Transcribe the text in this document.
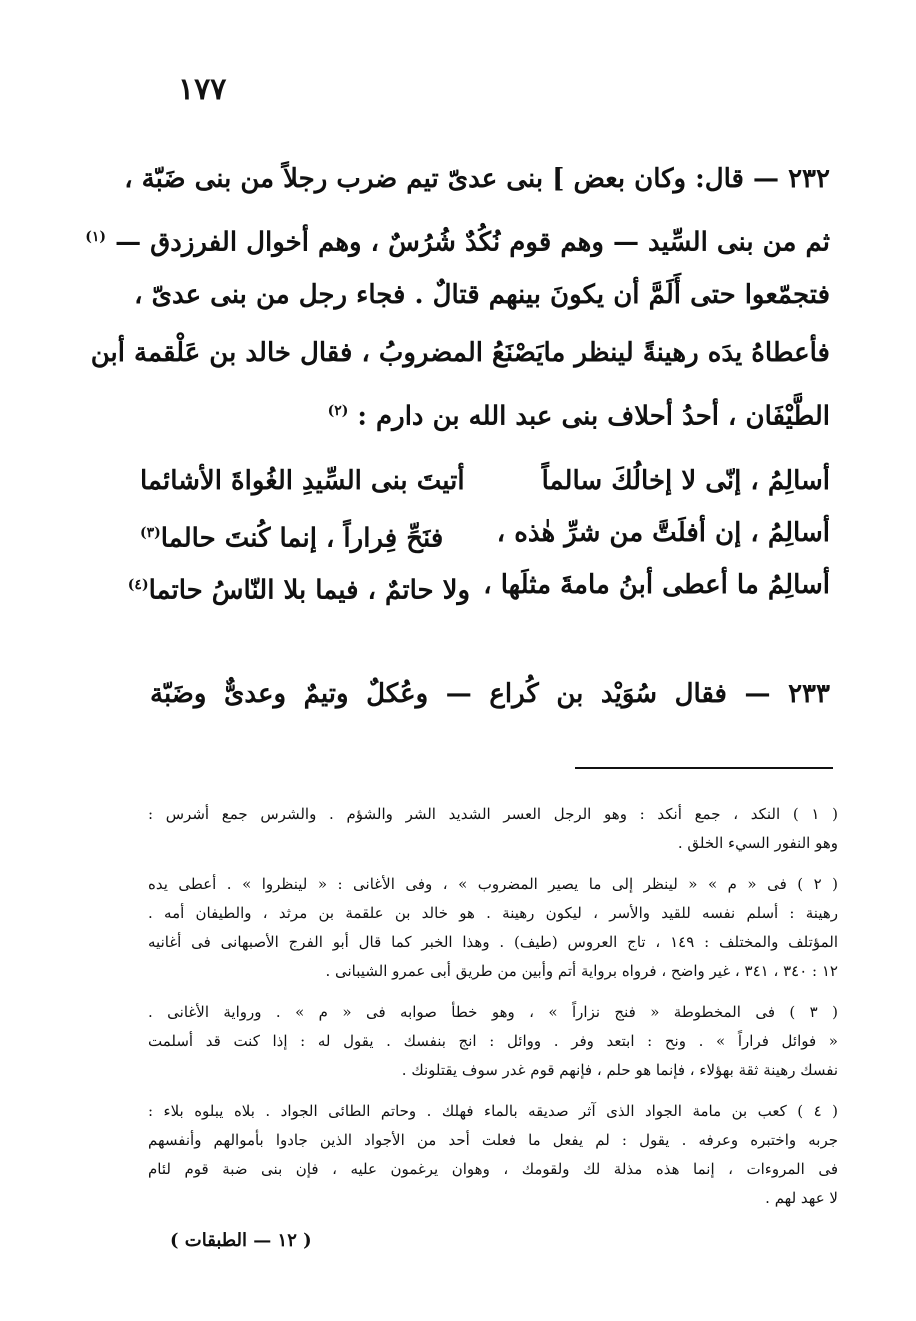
١٧٧
٢٣٢ — قال: وكان بعض ] بنى عدىّ تيم ضرب رجلاً من بنى ضَبّة ،
ثم من بنى السِّيد — وهم قوم نُكُدٌ شُرُسٌ ، وهم أخوال الفرزدق — $^{(١)}$
فتجمّعوا حتى أَلَمَّ أن يكونَ بينهم قتالٌ . فجاء رجل من بنى عدىّ ،
فأعطاهُ يدَه رهينةً لينظر مايَصْنَعُ المضروبُ ، فقال خالد بن عَلْقمة أبن
الطَّيْفَان ، أحدُ أحلاف بنى عبد الله بن دارم : $^{(٢)}$
أسالِمُ ، إنّى لا إخالُكَ سالماً
أتيتَ بنى السِّيدِ الغُواةَ الأشائما
أسالِمُ ، إن أفلَتَّ من شرِّ هٰذه ،
فنَحِّ فِراراً ، إنما كُنتَ حالما$^{(٣)}$
أسالِمُ ما أعطى أبنُ مامةَ مثلَها ،
ولا حاتمٌ ، فيما بلا النّاسُ حاتما$^{(٤)}$
٢٣٣ — فقال سُوَيْد بن كُراع — وعُكلٌ وتيمٌ وعدىٌّ وضَبّة
( ١ ) النكد ، جمع أنكد : وهو الرجل العسر الشديد الشر والشؤم . والشرس جمع أشرس :
وهو النفور السيء الخلق .
( ٢ ) فى « م » « لينظر إلى ما يصير المضروب » ، وفى الأغانى : « لينظروا » . أعطى يده
رهينة : أسلم نفسه للقيد والأسر ، ليكون رهينة . هو خالد بن علقمة بن مرثد ، والطيفان أمه .
المؤتلف والمختلف : ١٤٩ ، تاج العروس (طيف) . وهذا الخبر كما قال أبو الفرج الأصبهانى فى أغانيه
١٢ : ٣٤٠ ، ٣٤١ ، غير واضح ، فرواه برواية أتم وأبين من طريق أبى عمرو الشيبانى .
( ٣ ) فى المخطوطة « فنج نزاراً » ، وهو خطأ صوابه فى « م » . ورواية الأغانى .
« فوائل فراراً » . ونح : ابتعد وفر . ووائل : انج بنفسك . يقول له : إذا كنت قد أسلمت
نفسك رهينة ثقة بهؤلاء ، فإنما هو حلم ، فإنهم قوم غدر سوف يقتلونك .
( ٤ ) كعب بن مامة الجواد الذى آثر صديقه بالماء فهلك . وحاتم الطائى الجواد . بلاه يبلوه بلاء :
جربه واختبره وعرفه . يقول : لم يفعل ما فعلت أحد من الأجواد الذين جادوا بأموالهم وأنفسهم
فى المروءات ، إنما هذه مذلة لك ولقومك ، وهوان يرغمون عليه ، فإن بنى ضبة قوم لئام
لا عهد لهم .
( ١٢ — الطبقات )
